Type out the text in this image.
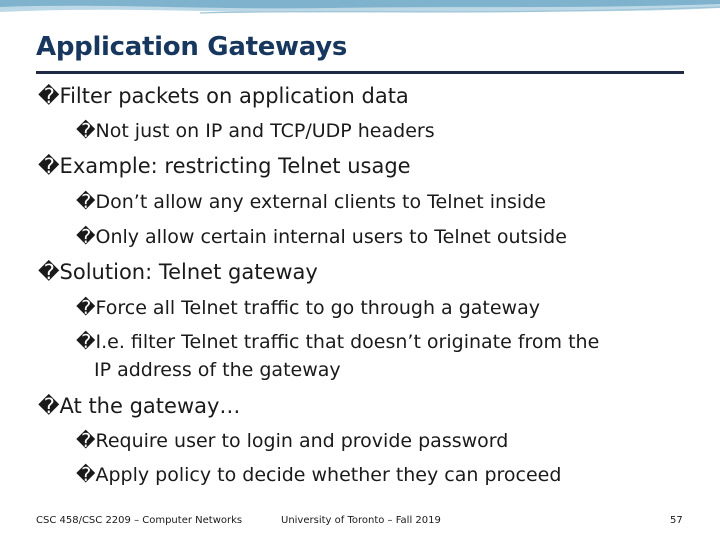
Application Gateways
�Filter packets on application data
�Not just on IP and TCP/UDP headers
�Example: restricting Telnet usage
�Don’t allow any external clients to Telnet inside
�Only allow certain internal users to Telnet outside
�Solution: Telnet gateway
�Force all Telnet traffic to go through a gateway
�I.e. filter Telnet traffic that doesn’t originate from the
IP address of the gateway
�At the gateway…
�Require user to login and provide password
�Apply policy to decide whether they can proceed
CSC 458/CSC 2209 – Computer Networks	University of Toronto – Fall 2019	57
